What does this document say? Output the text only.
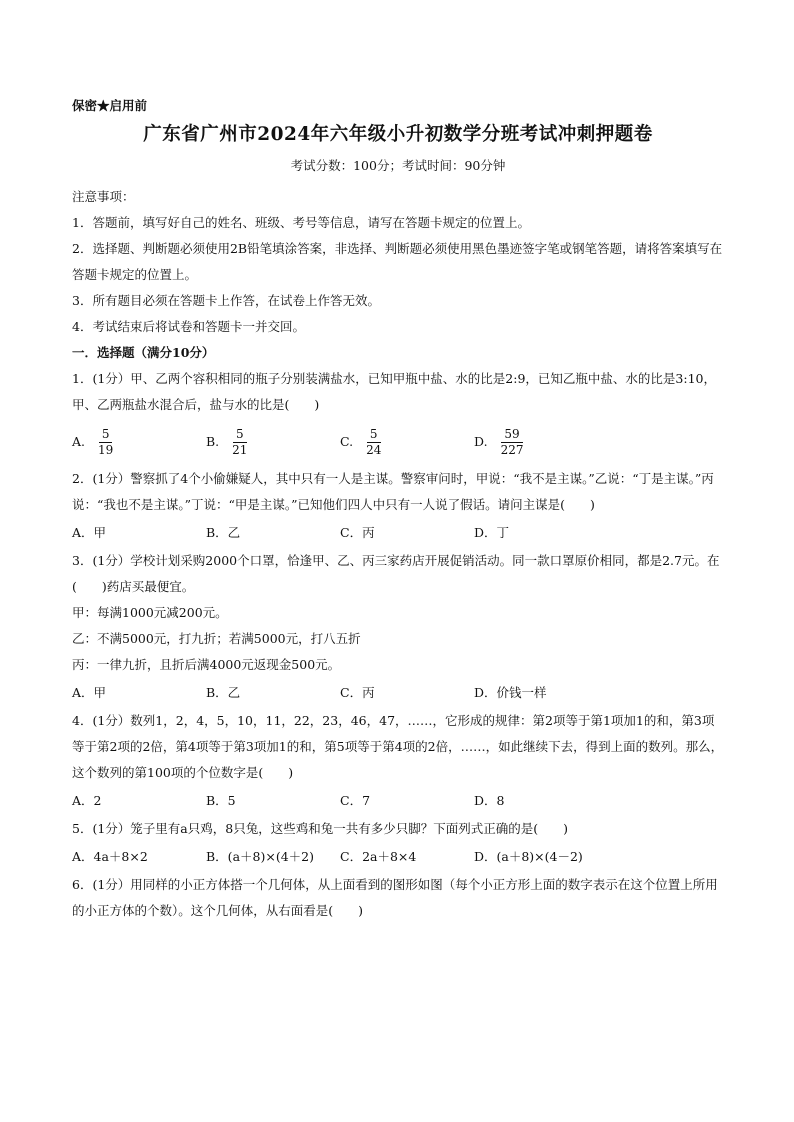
保密★启用前
广东省广州市2024年六年级小升初数学分班考试冲刺押题卷
考试分数：100分；考试时间：90分钟

注意事项：

1．答题前，填写好自己的姓名、班级、考号等信息，请写在答题卡规定的位置上。

2．选择题、判断题必须使用2B铅笔填涂答案，非选择、判断题必须使用黑色墨迹签字笔或钢笔答题，请将答案填写在答题卡规定的位置上。

3．所有题目必须在答题卡上作答，在试卷上作答无效。

4．考试结束后将试卷和答题卡一并交回。

一．选择题（满分10分）

1．(1分）甲、乙两个容积相同的瓶子分别装满盐水，已知甲瓶中盐、水的比是2:9，已知乙瓶中盐、水的比是3:10，甲、乙两瓶盐水混合后，盐与水的比是(　　)

A. $\frac{5}{19}$	B. $\frac{5}{21}$	C. $\frac{5}{24}$	D. $\frac{59}{227}$

2．(1分）警察抓了4个小偷嫌疑人，其中只有一人是主谋。警察审问时，甲说：“我不是主谋。”乙说：“丁是主谋。”丙说：“我也不是主谋。”丁说：“甲是主谋。”已知他们四人中只有一人说了假话。请问主谋是(　　)

A．甲	B．乙	C．丙	D．丁

3．(1分）学校计划采购2000个口罩，恰逢甲、乙、丙三家药店开展促销活动。同一款口罩原价相同，都是2.7元。在(　　)药店买最便宜。

甲：每满1000元减200元。

乙：不满5000元，打九折；若满5000元，打八五折

丙：一律九折，且折后满4000元返现金500元。

A．甲	B．乙	C．丙	D．价钱一样

4．(1分）数列1，2，4，5，10，11，22，23，46，47，……，它形成的规律：第2项等于第1项加1的和，第3项等于第2项的2倍，第4项等于第3项加1的和，第5项等于第4项的2倍，……，如此继续下去，得到上面的数列。那么，这个数列的第100项的个位数字是(　　)

A．2	B．5	C．7	D．8

5．(1分）笼子里有a只鸡，8只兔，这些鸡和兔一共有多少只脚？下面列式正确的是(　　)

A．4a＋8×2	B．(a＋8)×(4＋2)	C．2a＋8×4	D．(a＋8)×(4－2)

6．(1分）用同样的小正方体搭一个几何体，从上面看到的图形如图（每个小正方形上面的数字表示在这个位置上所用的小正方体的个数）。这个几何体，从右面看是(　　)
